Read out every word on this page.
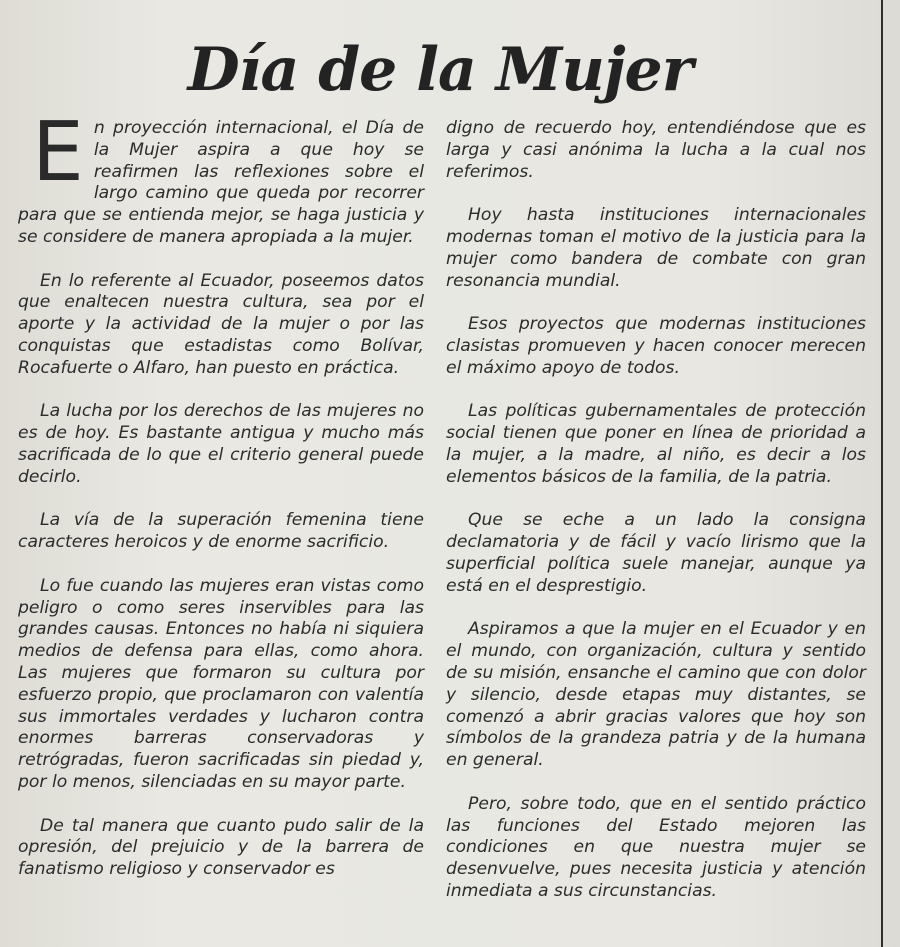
Día de la Mujer

E n proyección internacional, el Día de la Mujer aspira a que hoy se reafirmen las reflexiones sobre el largo camino que queda por recorrer para que se entienda mejor, se haga justicia y se considere de manera apropiada a la mujer.

En lo referente al Ecuador, poseemos datos que enaltecen nuestra cultura, sea por el aporte y la actividad de la mujer o por las conquistas que estadistas como Bolívar, Rocafuerte o Alfaro, han puesto en práctica.

La lucha por los derechos de las mujeres no es de hoy. Es bastante antigua y mucho más sacrificada de lo que el criterio general puede decirlo.

La vía de la superación femenina tiene caracteres heroicos y de enorme sacrificio.

Lo fue cuando las mujeres eran vistas como peligro o como seres inservibles para las grandes causas. Entonces no había ni siquiera medios de defensa para ellas, como ahora. Las mujeres que formaron su cultura por esfuerzo propio, que proclamaron con valentía sus immortales verdades y lucharon contra enormes barreras conservadoras y retrógradas, fueron sacrificadas sin piedad y, por lo menos, silenciadas en su mayor parte.

De tal manera que cuanto pudo salir de la opresión, del prejuicio y de la barrera de fanatismo religioso y conservador es

digno de recuerdo hoy, entendiéndose que es larga y casi anónima la lucha a la cual nos referimos.

Hoy hasta instituciones internacionales modernas toman el motivo de la justicia para la mujer como bandera de combate con gran resonancia mundial.

Esos proyectos que modernas instituciones clasistas promueven y hacen conocer merecen el máximo apoyo de todos.

Las políticas gubernamentales de protección social tienen que poner en línea de prioridad a la mujer, a la madre, al niño, es decir a los elementos básicos de la familia, de la patria.

Que se eche a un lado la consigna declamatoria y de fácil y vacío lirismo que la superficial política suele manejar, aunque ya está en el desprestigio.

Aspiramos a que la mujer en el Ecuador y en el mundo, con organización, cultura y sentido de su misión, ensanche el camino que con dolor y silencio, desde etapas muy distantes, se comenzó a abrir gracias valores que hoy son símbolos de la grandeza patria y de la humana en general.

Pero, sobre todo, que en el sentido práctico las funciones del Estado mejoren las condiciones en que nuestra mujer se desenvuelve, pues necesita justicia y atención inmediata a sus circunstancias.
